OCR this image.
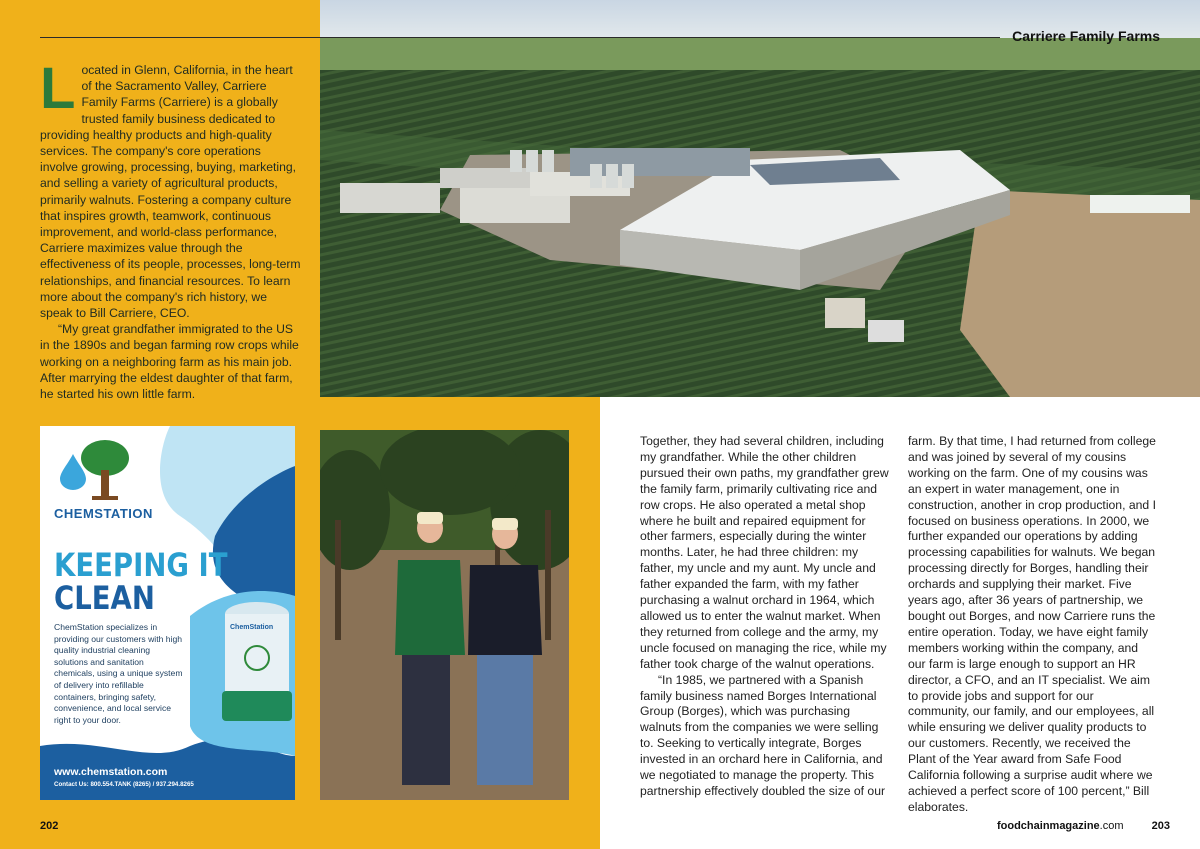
Carriere Family Farms
L ocated in Glenn, California, in the heart of the Sacramento Valley, Carriere Family Farms (Carriere) is a globally trusted family business dedicated to providing healthy products and high-quality services. The company's core operations involve growing, processing, buying, marketing, and selling a variety of agricultural products, primarily walnuts. Fostering a company culture that inspires growth, teamwork, continuous improvement, and world-class performance, Carriere maximizes value through the effectiveness of its people, processes, long-term relationships, and financial resources. To learn more about the company's rich history, we speak to Bill Carriere, CEO.

“My great grandfather immigrated to the US in the 1890s and began farming row crops while working on a neighboring farm as his main job. After marrying the eldest daughter of that farm, he started his own little farm.

CHEMSTATION
KEEPING IT
CLEAN
ChemStation specializes in providing our customers with high quality industrial cleaning solutions and sanitation chemicals, using a unique system of delivery into refillable containers, bringing safety, convenience, and local service right to your door.
ChemStation
www.chemstation.com
Contact Us: 800.554.TANK (8265) / 937.294.8265

Together, they had several children, including my grandfather. While the other children pursued their own paths, my grandfather grew the family farm, primarily cultivating rice and row crops. He also operated a metal shop where he built and repaired equipment for other farmers, especially during the winter months. Later, he had three children: my father, my uncle and my aunt. My uncle and father expanded the farm, with my father purchasing a walnut orchard in 1964, which allowed us to enter the walnut market. When they returned from college and the army, my uncle focused on managing the rice, while my father took charge of the walnut operations.

“In 1985, we partnered with a Spanish family business named Borges International Group (Borges), which was purchasing walnuts from the companies we were selling to. Seeking to vertically integrate, Borges invested in an orchard here in California, and we negotiated to manage the property. This partnership effectively doubled the size of our

farm. By that time, I had returned from college and was joined by several of my cousins working on the farm. One of my cousins was an expert in water management, one in construction, another in crop production, and I focused on business operations. In 2000, we further expanded our operations by adding processing capabilities for walnuts. We began processing directly for Borges, handling their orchards and supplying their market. Five years ago, after 36 years of partnership, we bought out Borges, and now Carriere runs the entire operation. Today, we have eight family members working within the company, and our farm is large enough to support an HR director, a CFO, and an IT specialist. We aim to provide jobs and support for our community, our family, and our employees, all while ensuring we deliver quality products to our customers. Recently, we received the Plant of the Year award from Safe Food California following a surprise audit where we achieved a perfect score of 100 percent,” Bill elaborates.

202	foodchainmagazine.com	203
